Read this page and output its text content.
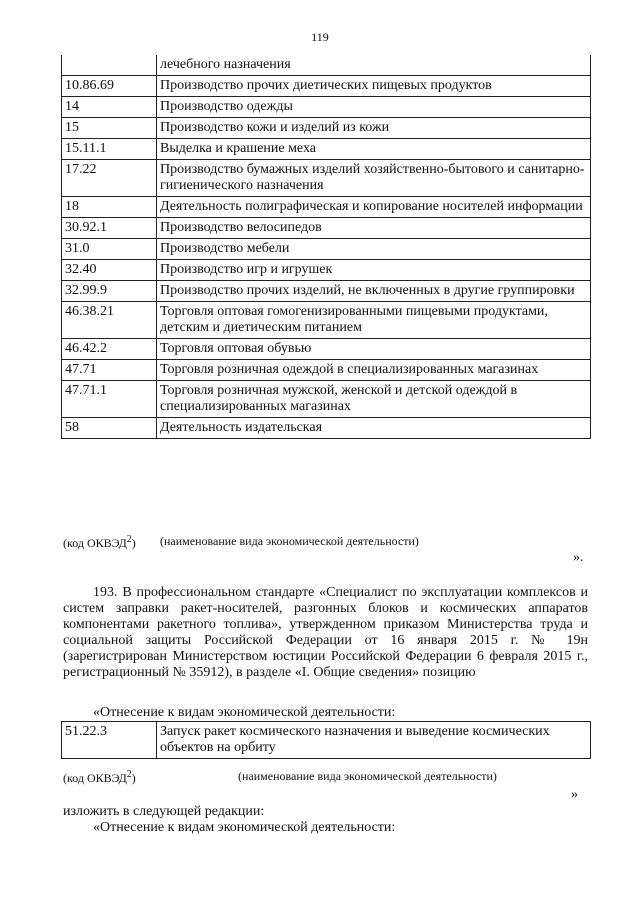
119
	лечебного назначения
10.86.69	Производство прочих диетических пищевых продуктов
14	Производство одежды
15	Производство кожи и изделий из кожи
15.11.1	Выделка и крашение меха
17.22	Производство бумажных изделий хозяйственно-бытового и санитарно-гигиенического назначения
18	Деятельность полиграфическая и копирование носителей информации
30.92.1	Производство велосипедов
31.0	Производство мебели
32.40	Производство игр и игрушек
32.99.9	Производство прочих изделий, не включенных в другие группировки
46.38.21	Торговля оптовая гомогенизированными пищевыми продуктами, детским и диетическим питанием
46.42.2	Торговля оптовая обувью
47.71	Торговля розничная одеждой в специализированных магазинах
47.71.1	Торговля розничная мужской, женской и детской одеждой в специализированных магазинах
58	Деятельность издательская
(код ОКВЭД$^2$) (наименование вида экономической деятельности)
».
193. В профессиональном стандарте «Специалист по эксплуатации комплексов и систем заправки ракет-носителей, разгонных блоков и космических аппаратов компонентами ракетного топлива», утвержденном приказом Министерства труда и социальной защиты Российской Федерации от 16 января 2015 г. № 19н (зарегистрирован Министерством юстиции Российской Федерации 6 февраля 2015 г., регистрационный № 35912), в разделе «I. Общие сведения» позицию
«Отнесение к видам экономической деятельности:
51.22.3	Запуск ракет космического назначения и выведение космических объектов на орбиту
(код ОКВЭД$^2$)	(наименование вида экономической деятельности)
»
изложить в следующей редакции:
«Отнесение к видам экономической деятельности:
